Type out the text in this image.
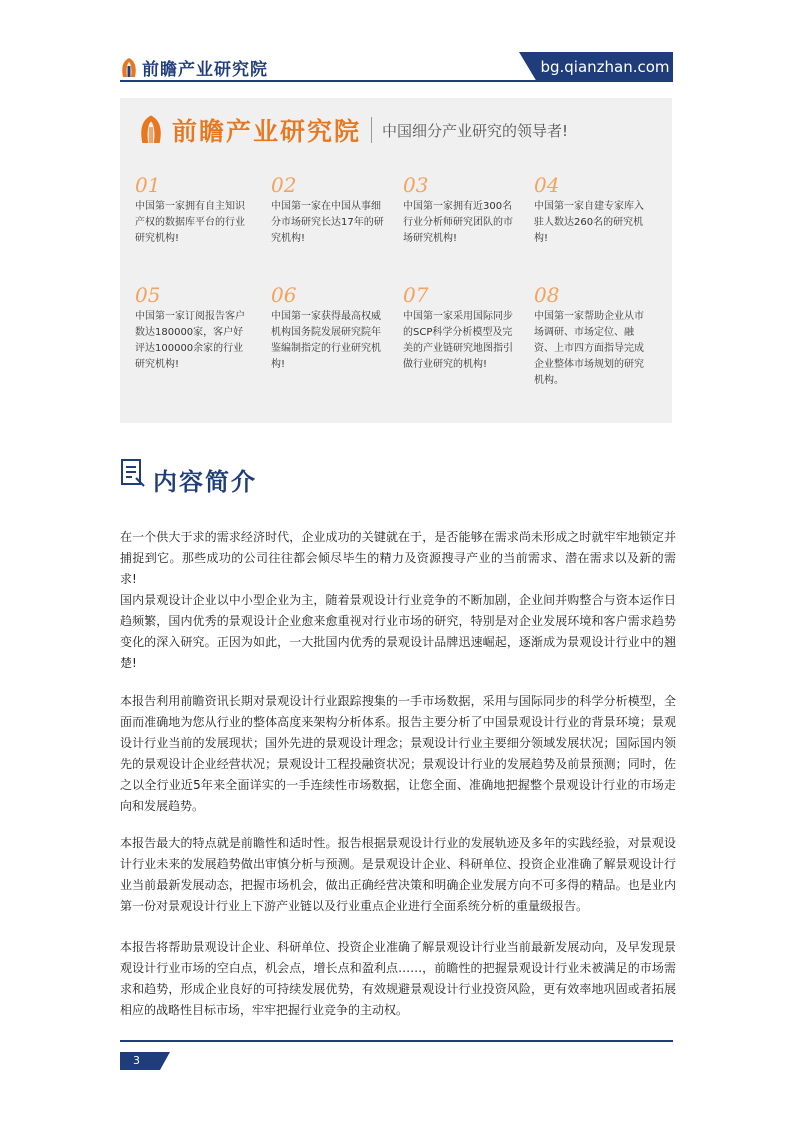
前瞻产业研究院	bg.qianzhan.com
前瞻产业研究院 中国细分产业研究的领导者!
01
中国第一家拥有自主知识产权的数据库平台的行业研究机构!
02
中国第一家在中国从事细分市场研究长达17年的研究机构!
03
中国第一家拥有近300名行业分析师研究团队的市场研究机构!
04
中国第一家自建专家库入驻人数达260名的研究机构!
05
中国第一家订阅报告客户数达180000家，客户好评达100000余家的行业研究机构!
06
中国第一家获得最高权威机构国务院发展研究院年鉴编制指定的行业研究机构!
07
中国第一家采用国际同步的SCP科学分析模型及完美的产业链研究地图指引做行业研究的机构!
08
中国第一家帮助企业从市场调研、市场定位、融资、上市四方面指导完成企业整体市场规划的研究机构。
内容简介

在一个供大于求的需求经济时代，企业成功的关键就在于，是否能够在需求尚未形成之时就牢牢地锁定并捕捉到它。那些成功的公司往往都会倾尽毕生的精力及资源搜寻产业的当前需求、潜在需求以及新的需求!

国内景观设计企业以中小型企业为主，随着景观设计行业竞争的不断加剧，企业间并购整合与资本运作日趋频繁，国内优秀的景观设计企业愈来愈重视对行业市场的研究，特别是对企业发展环境和客户需求趋势变化的深入研究。正因为如此，一大批国内优秀的景观设计品牌迅速崛起，逐渐成为景观设计行业中的翘楚!

本报告利用前瞻资讯长期对景观设计行业跟踪搜集的一手市场数据，采用与国际同步的科学分析模型，全面而准确地为您从行业的整体高度来架构分析体系。报告主要分析了中国景观设计行业的背景环境；景观设计行业当前的发展现状；国外先进的景观设计理念；景观设计行业主要细分领域发展状况；国际国内领先的景观设计企业经营状况；景观设计工程投融资状况；景观设计行业的发展趋势及前景预测；同时，佐之以全行业近5年来全面详实的一手连续性市场数据，让您全面、准确地把握整个景观设计行业的市场走向和发展趋势。

本报告最大的特点就是前瞻性和适时性。报告根据景观设计行业的发展轨迹及多年的实践经验，对景观设计行业未来的发展趋势做出审慎分析与预测。是景观设计企业、科研单位、投资企业准确了解景观设计行业当前最新发展动态，把握市场机会，做出正确经营决策和明确企业发展方向不可多得的精品。也是业内第一份对景观设计行业上下游产业链以及行业重点企业进行全面系统分析的重量级报告。

本报告将帮助景观设计企业、科研单位、投资企业准确了解景观设计行业当前最新发展动向，及早发现景观设计行业市场的空白点，机会点，增长点和盈利点……，前瞻性的把握景观设计行业未被满足的市场需求和趋势，形成企业良好的可持续发展优势，有效规避景观设计行业投资风险，更有效率地巩固或者拓展相应的战略性目标市场，牢牢把握行业竞争的主动权。

3
